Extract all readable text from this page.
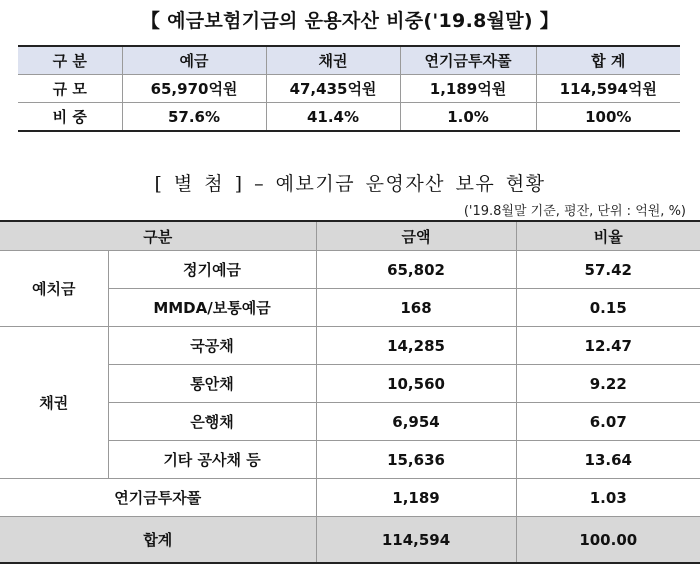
【 예금보험기금의 운용자산 비중('19.8월말) 】
구 분	예금	채권	연기금투자풀	합 계
규 모	65,970억원	47,435억원	1,189억원	114,594억원
비 중	57.6%	41.4%	1.0%	100%
[ 별 첨 ] – 예보기금 운영자산 보유 현황
('19.8월말 기준, 평잔, 단위 : 억원, %)
구분		금액	비율
예치금	정기예금	65,802	57.42
	MMDA/보통예금	168	0.15
채권	국공채	14,285	12.47
	통안채	10,560	9.22
	은행채	6,954	6.07
	기타 공사채 등	15,636	13.64
연기금투자풀		1,189	1.03
합계		114,594	100.00
